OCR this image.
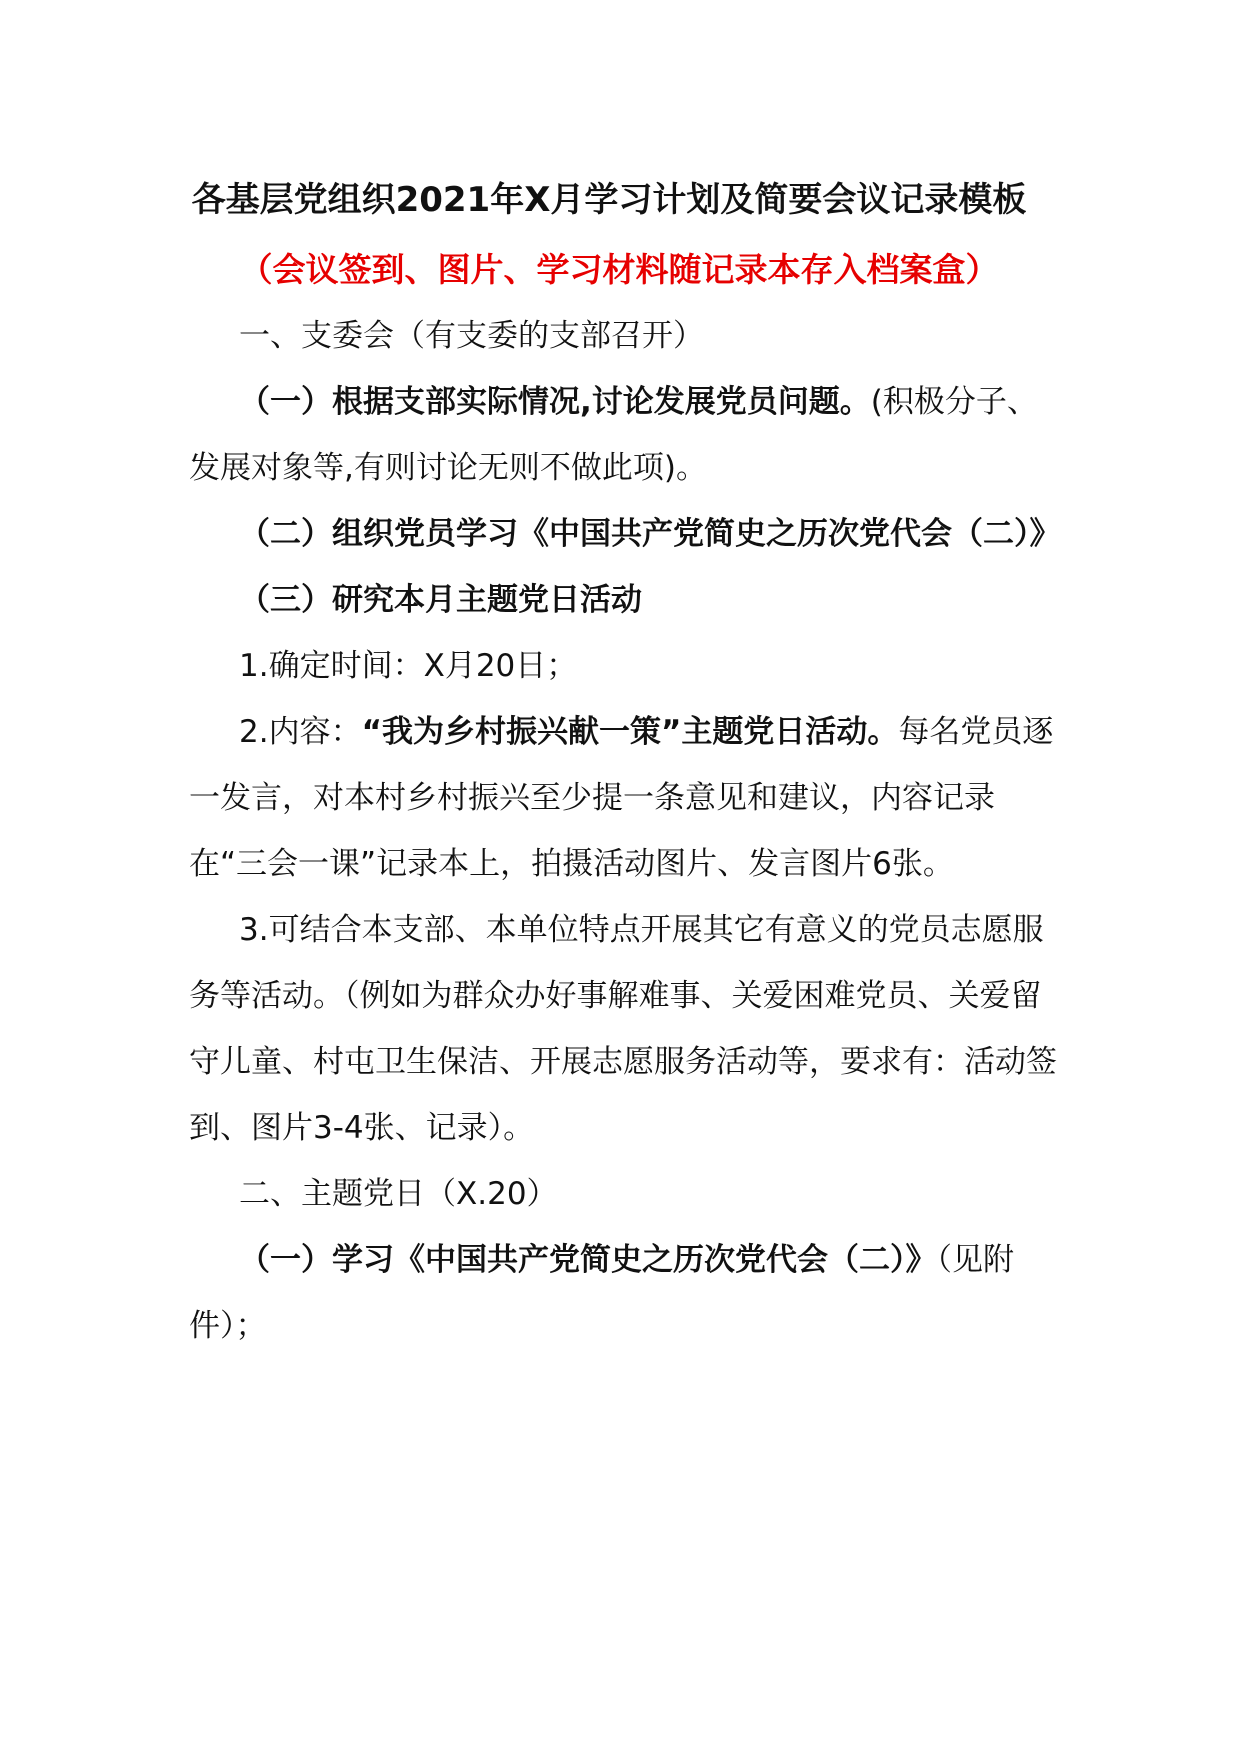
各基层党组织2021年X月学习计划及简要会议记录模板
（会议签到、图片、学习材料随记录本存入档案盒）

一、支委会（有支委的支部召开）

（一）根据支部实际情况,讨论发展党员问题。(积极分子、发展对象等,有则讨论无则不做此项)。

（二）组织党员学习《中国共产党简史之历次党代会（二）》

（三）研究本月主题党日活动

1.确定时间：X月20日；

2.内容：“我为乡村振兴献一策”主题党日活动。每名党员逐一发言，对本村乡村振兴至少提一条意见和建议，内容记录在“三会一课”记录本上，拍摄活动图片、发言图片6张。

3.可结合本支部、本单位特点开展其它有意义的党员志愿服务等活动。（例如为群众办好事解难事、关爱困难党员、关爱留守儿童、村屯卫生保洁、开展志愿服务活动等，要求有：活动签到、图片3-4张、记录）。

二、主题党日（X.20）

（一）学习《中国共产党简史之历次党代会（二）》（见附件）；
